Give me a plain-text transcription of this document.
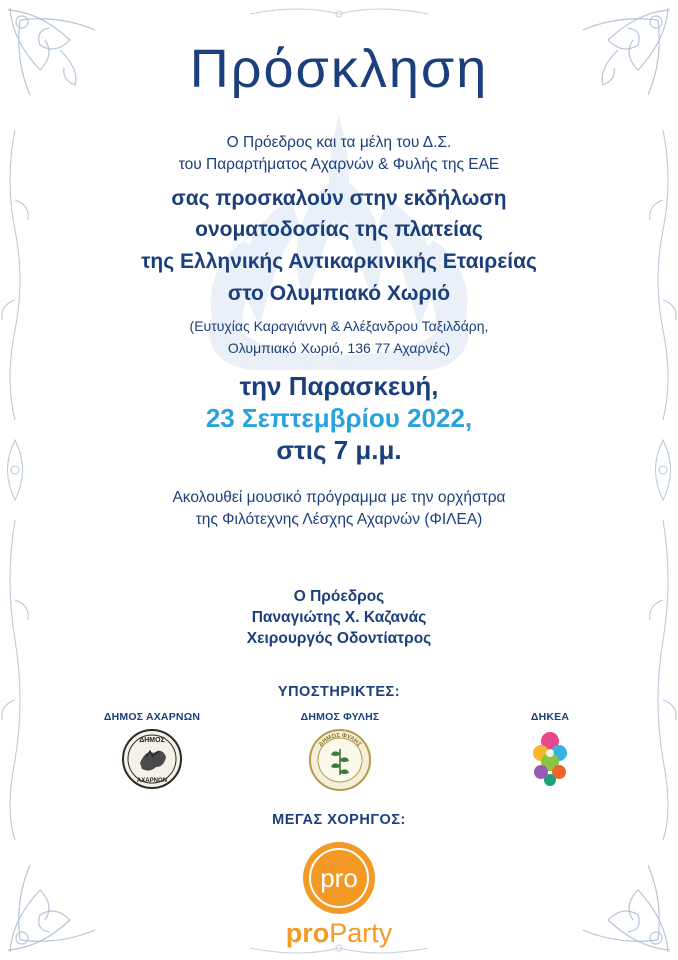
Πρόσκληση
Ο Πρόεδρος και τα μέλη του Δ.Σ.
του Παραρτήματος Αχαρνών & Φυλής της ΕΑΕ
σας προσκαλούν στην εκδήλωση
ονοματοδοσίας της πλατείας
της Ελληνικής Αντικαρκινικής Εταιρείας
στο Ολυμπιακό Χωριό
(Ευτυχίας Καραγιάννη & Αλέξανδρου Ταξιλδάρη,
Ολυμπιακό Χωριό, 136 77 Αχαρνές)
την Παρασκευή,
23 Σεπτεμβρίου 2022,
στις 7 μ.μ.
Ακολουθεί μουσικό πρόγραμμα με την ορχήστρα
της Φιλότεχνης Λέσχης Αχαρνών (ΦΙΛΕΑ)
Ο Πρόεδρος
Παναγιώτης Χ. Καζανάς
Χειρουργός Οδοντίατρος
ΥΠΟΣΤΗΡΙΚΤΕΣ:
ΔΗΜΟΣ ΑΧΑΡΝΩΝ
ΔΗΜΟΣ
ΑΧΑΡΝΩΝ
ΔΗΜΟΣ ΦΥΛΗΣ
ΔΗΜΟΣ ΦΥΛΗΣ
ΔΗΚΕΑ
ΜΕΓΑΣ ΧΟΡΗΓΟΣ:
pro
proParty
